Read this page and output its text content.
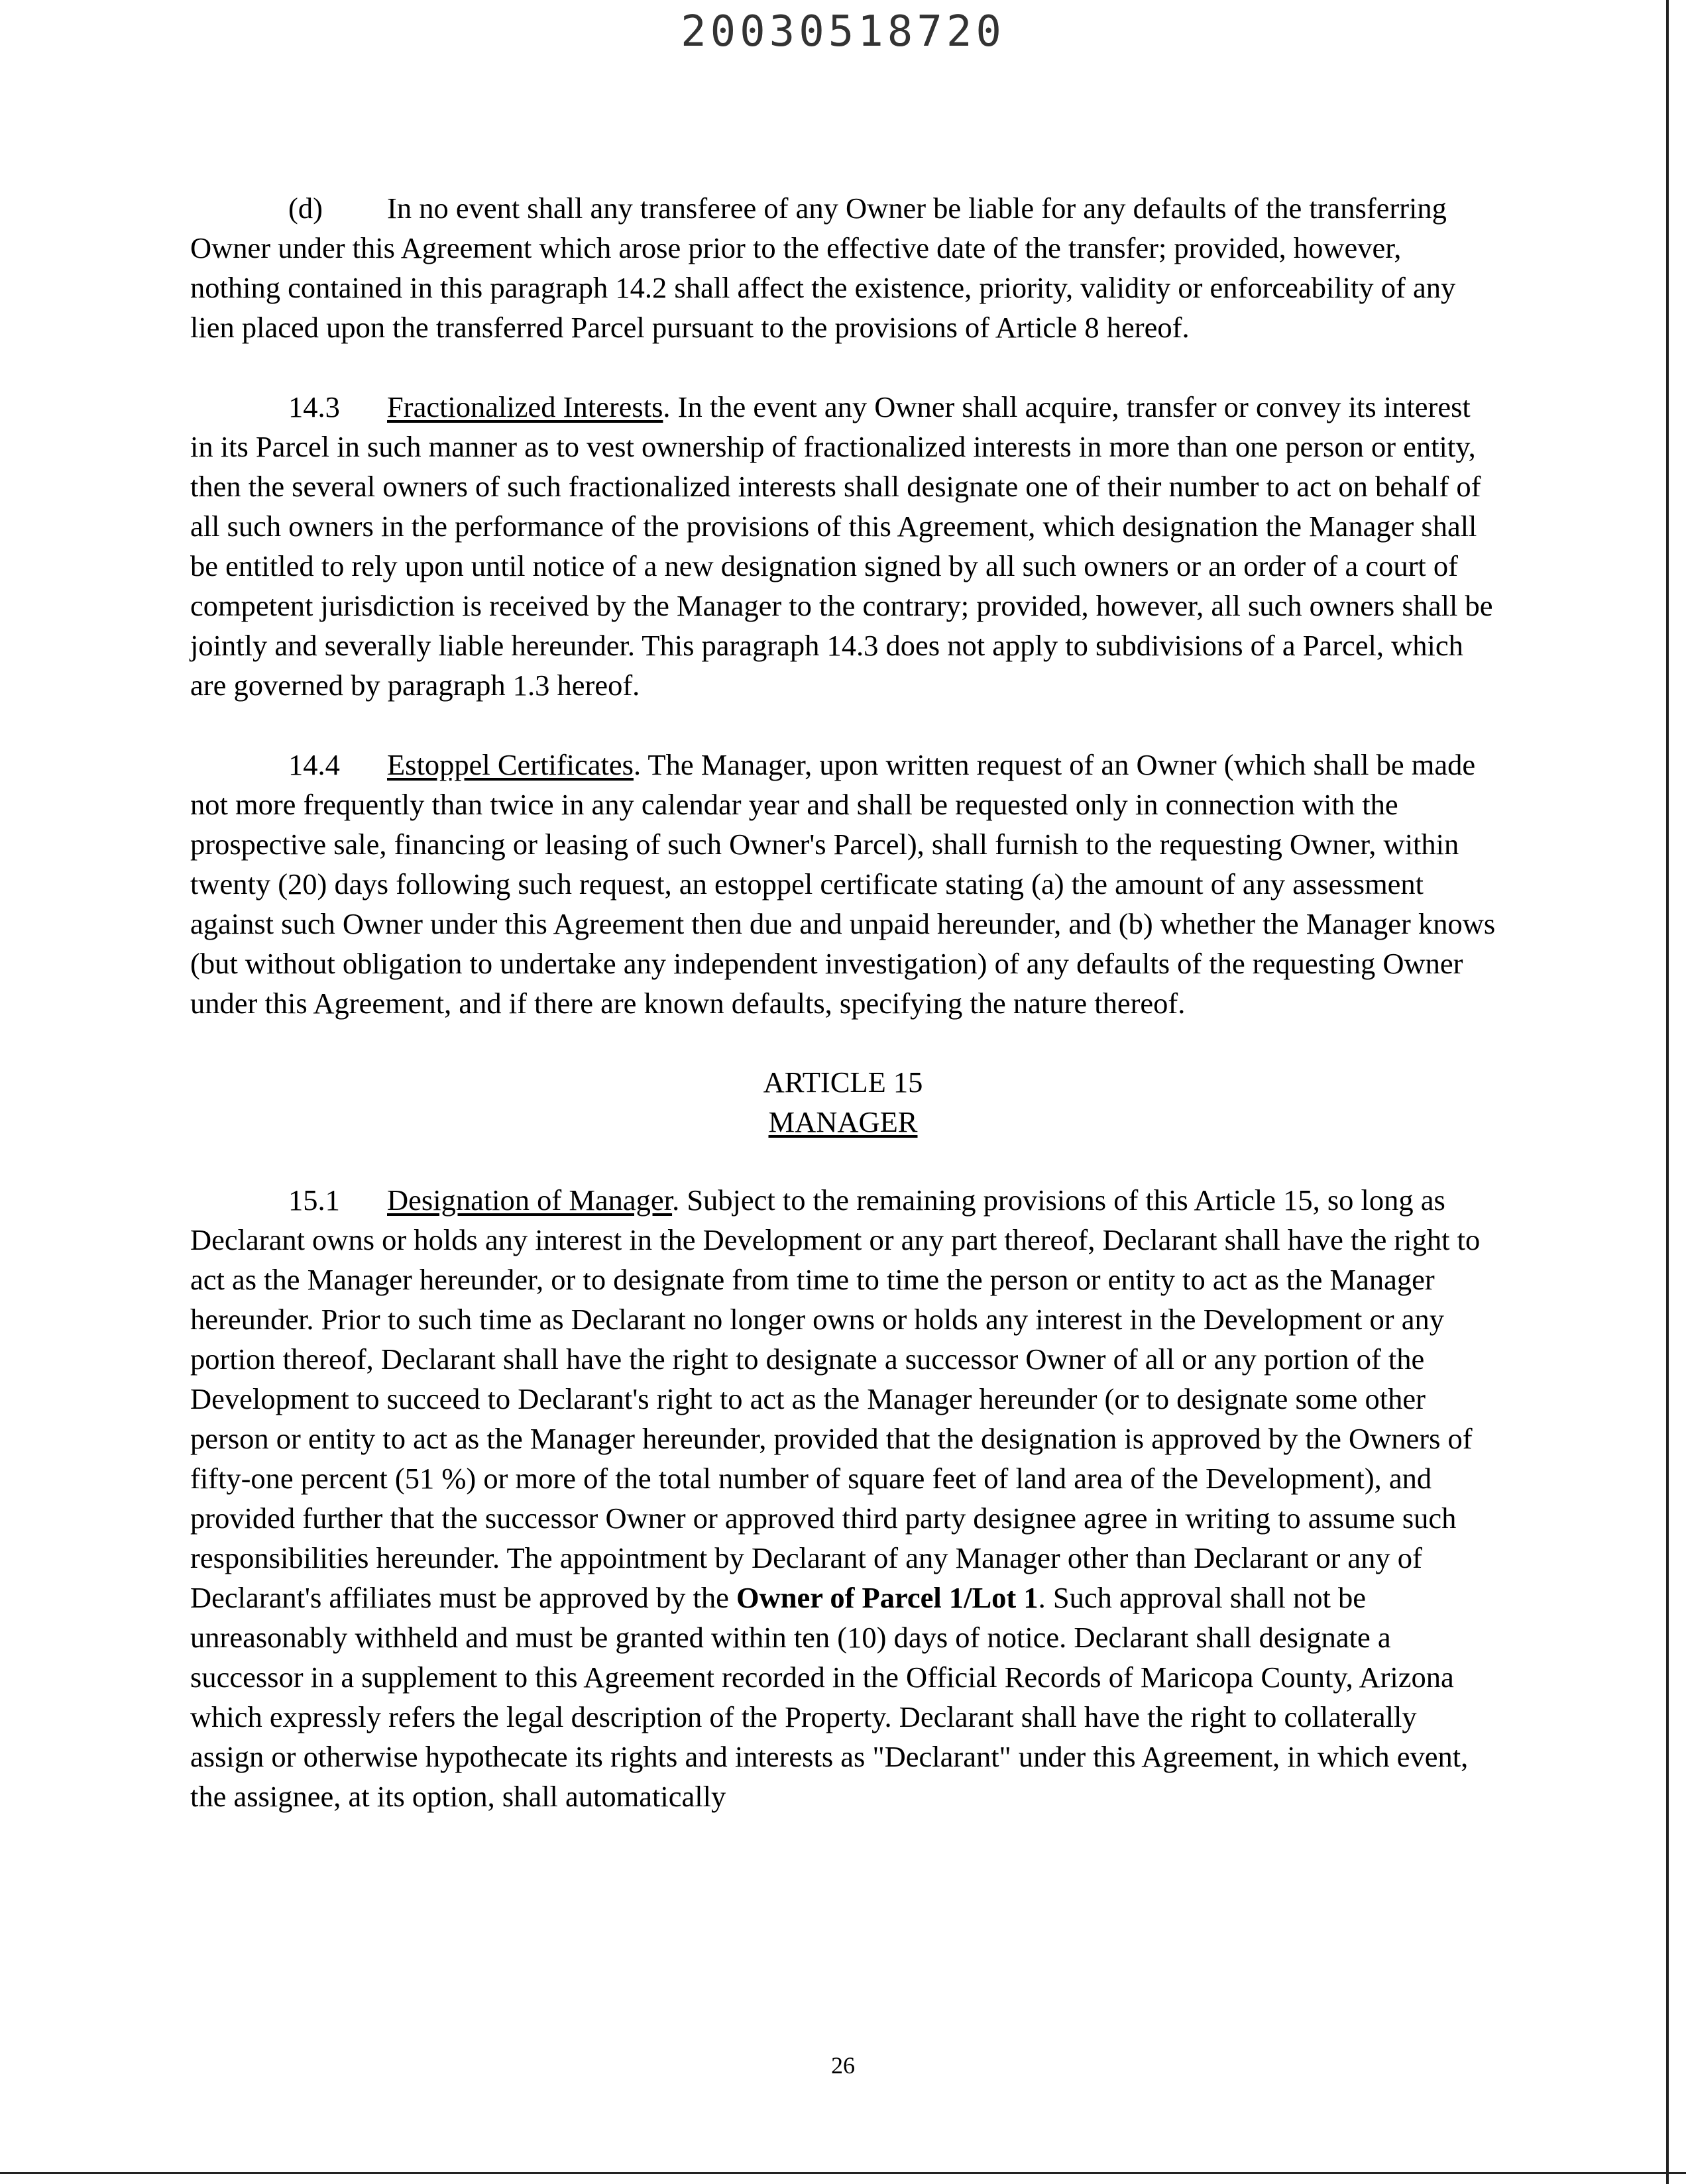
20030518720

(d) In no event shall any transferee of any Owner be liable for any defaults of the transferring Owner under this Agreement which arose prior to the effective date of the transfer; provided, however, nothing contained in this paragraph 14.2 shall affect the existence, priority, validity or enforceability of any lien placed upon the transferred Parcel pursuant to the provisions of Article 8 hereof.

14.3 Fractionalized Interests. In the event any Owner shall acquire, transfer or convey its interest in its Parcel in such manner as to vest ownership of fractionalized interests in more than one person or entity, then the several owners of such fractionalized interests shall designate one of their number to act on behalf of all such owners in the performance of the provisions of this Agreement, which designation the Manager shall be entitled to rely upon until notice of a new designation signed by all such owners or an order of a court of competent jurisdiction is received by the Manager to the contrary; provided, however, all such owners shall be jointly and severally liable hereunder. This paragraph 14.3 does not apply to subdivisions of a Parcel, which are governed by paragraph 1.3 hereof.

14.4 Estoppel Certificates. The Manager, upon written request of an Owner (which shall be made not more frequently than twice in any calendar year and shall be requested only in connection with the prospective sale, financing or leasing of such Owner's Parcel), shall furnish to the requesting Owner, within twenty (20) days following such request, an estoppel certificate stating (a) the amount of any assessment against such Owner under this Agreement then due and unpaid hereunder, and (b) whether the Manager knows (but without obligation to undertake any independent investigation) of any defaults of the requesting Owner under this Agreement, and if there are known defaults, specifying the nature thereof.

ARTICLE 15
MANAGER

15.1 Designation of Manager. Subject to the remaining provisions of this Article 15, so long as Declarant owns or holds any interest in the Development or any part thereof, Declarant shall have the right to act as the Manager hereunder, or to designate from time to time the person or entity to act as the Manager hereunder. Prior to such time as Declarant no longer owns or holds any interest in the Development or any portion thereof, Declarant shall have the right to designate a successor Owner of all or any portion of the Development to succeed to Declarant's right to act as the Manager hereunder (or to designate some other person or entity to act as the Manager hereunder, provided that the designation is approved by the Owners of fifty-one percent (51 %) or more of the total number of square feet of land area of the Development), and provided further that the successor Owner or approved third party designee agree in writing to assume such responsibilities hereunder. The appointment by Declarant of any Manager other than Declarant or any of Declarant's affiliates must be approved by the Owner of Parcel 1/Lot 1. Such approval shall not be unreasonably withheld and must be granted within ten (10) days of notice. Declarant shall designate a successor in a supplement to this Agreement recorded in the Official Records of Maricopa County, Arizona which expressly refers the legal description of the Property. Declarant shall have the right to collaterally assign or otherwise hypothecate its rights and interests as "Declarant" under this Agreement, in which event, the assignee, at its option, shall automatically

26
